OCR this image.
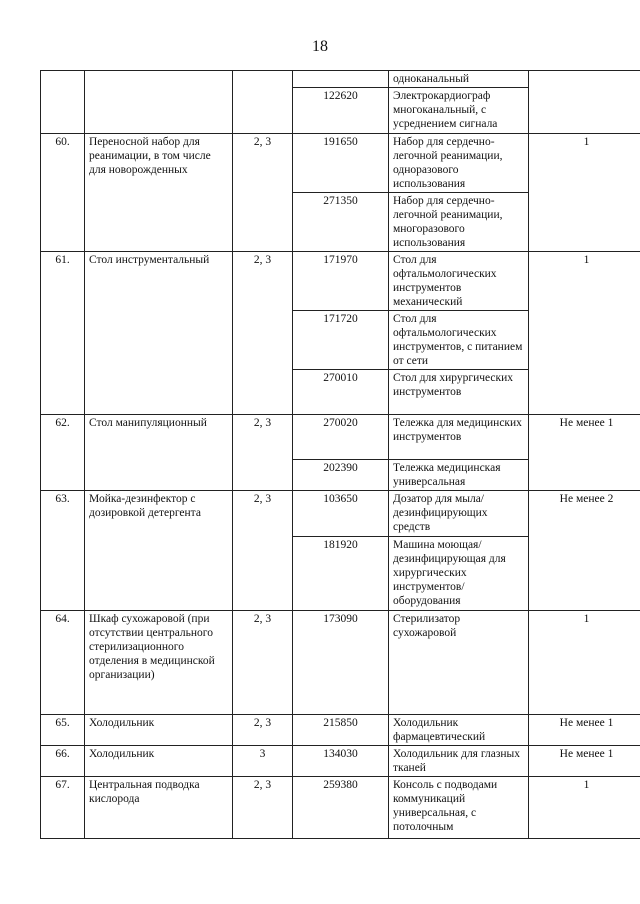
18
				одноканальный	
			122620	Электрокардиограф многоканальный, с усреднением сигнала	
60.	Переносной набор для реанимации, в том числе для новорожденных	2, 3	191650	Набор для сердечно-легочной реанимации, одноразового использования	1
			271350	Набор для сердечно-легочной реанимации, многоразового использования	
61.	Стол инструментальный	2, 3	171970	Стол для офтальмологических инструментов механический	1
			171720	Стол для офтальмологических инструментов, с питанием от сети	
			270010	Стол для хирургических инструментов	
62.	Стол манипуляционный	2, 3	270020	Тележка для медицинских инструментов	Не менее 1
			202390	Тележка медицинская универсальная	
63.	Мойка-дезинфектор с дозировкой детергента	2, 3	103650	Дозатор для мыла/ дезинфицирующих средств	Не менее 2
			181920	Машина моющая/ дезинфицирующая для хирургических инструментов/ оборудования	
64.	Шкаф сухожаровой (при отсутствии центрального стерилизационного отделения в медицинской организации)	2, 3	173090	Стерилизатор сухожаровой	1
65.	Холодильник	2, 3	215850	Холодильник фармацевтический	Не менее 1
66.	Холодильник	3	134030	Холодильник для глазных тканей	Не менее 1
67.	Центральная подводка кислорода	2, 3	259380	Консоль с подводами коммуникаций универсальная, с потолочным	1
